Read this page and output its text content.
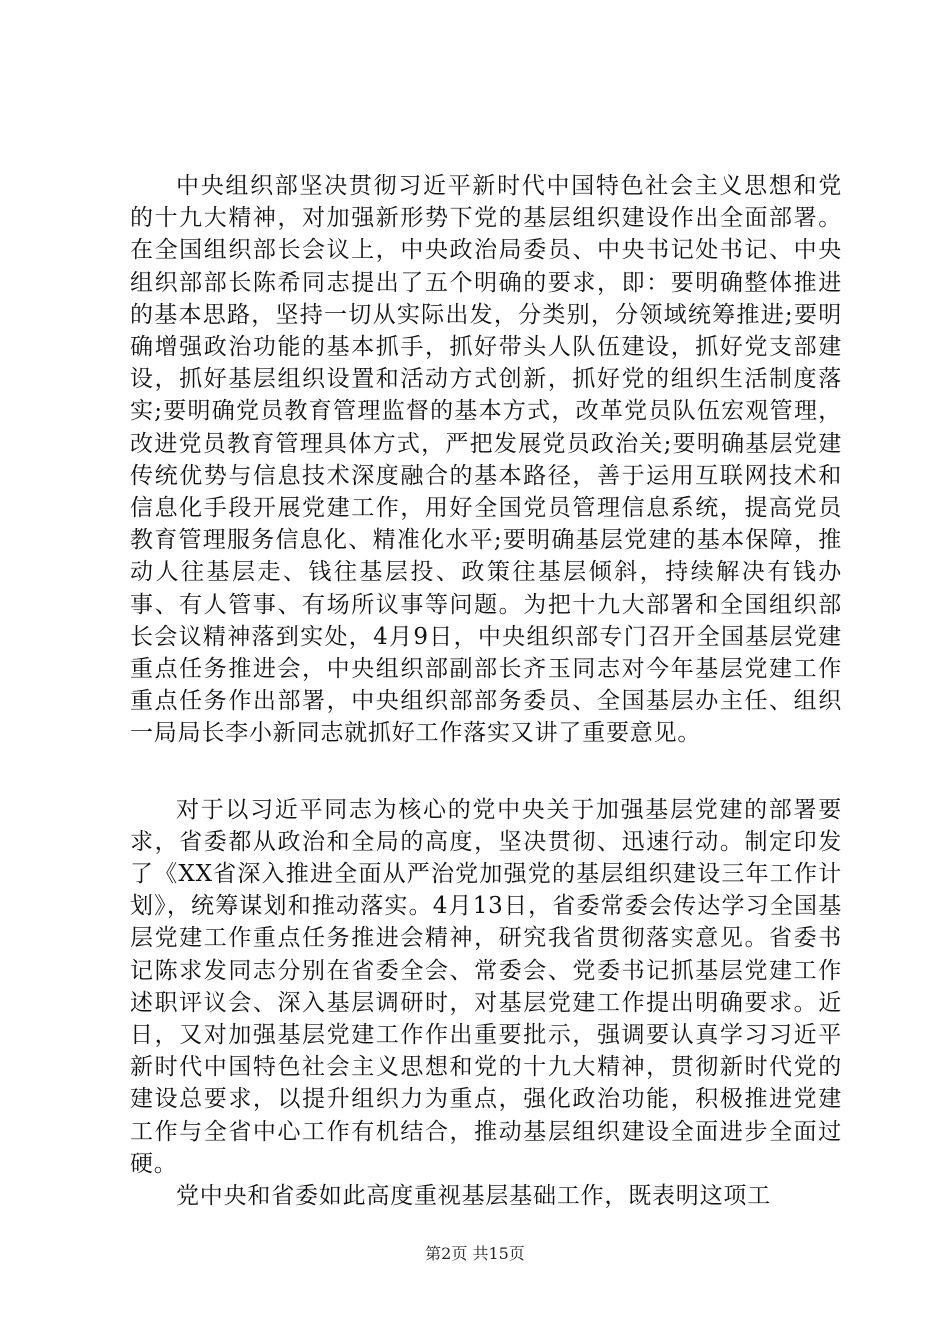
中央组织部坚决贯彻习近平新时代中国特色社会主义思想和党的十九大精神，对加强新形势下党的基层组织建设作出全面部署。在全国组织部长会议上，中央政治局委员、中央书记处书记、中央组织部部长陈希同志提出了五个明确的要求，即：要明确整体推进的基本思路，坚持一切从实际出发，分类别，分领域统筹推进;要明确增强政治功能的基本抓手，抓好带头人队伍建设，抓好党支部建设，抓好基层组织设置和活动方式创新，抓好党的组织生活制度落实;要明确党员教育管理监督的基本方式，改革党员队伍宏观管理，改进党员教育管理具体方式，严把发展党员政治关;要明确基层党建传统优势与信息技术深度融合的基本路径，善于运用互联网技术和信息化手段开展党建工作，用好全国党员管理信息系统，提高党员教育管理服务信息化、精准化水平;要明确基层党建的基本保障，推动人往基层走、钱往基层投、政策往基层倾斜，持续解决有钱办事、有人管事、有场所议事等问题。为把十九大部署和全国组织部长会议精神落到实处，4月9日，中央组织部专门召开全国基层党建重点任务推进会，中央组织部副部长齐玉同志对今年基层党建工作重点任务作出部署，中央组织部部务委员、全国基层办主任、组织一局局长李小新同志就抓好工作落实又讲了重要意见。

对于以习近平同志为核心的党中央关于加强基层党建的部署要求，省委都从政治和全局的高度，坚决贯彻、迅速行动。制定印发了《XX省深入推进全面从严治党加强党的基层组织建设三年工作计划》，统筹谋划和推动落实。4月13日，省委常委会传达学习全国基层党建工作重点任务推进会精神，研究我省贯彻落实意见。省委书记陈求发同志分别在省委全会、常委会、党委书记抓基层党建工作述职评议会、深入基层调研时，对基层党建工作提出明确要求。近日，又对加强基层党建工作作出重要批示，强调要认真学习习近平新时代中国特色社会主义思想和党的十九大精神，贯彻新时代党的建设总要求，以提升组织力为重点，强化政治功能，积极推进党建工作与全省中心工作有机结合，推动基层组织建设全面进步全面过硬。

党中央和省委如此高度重视基层基础工作，既表明这项工

第2页 共15页
